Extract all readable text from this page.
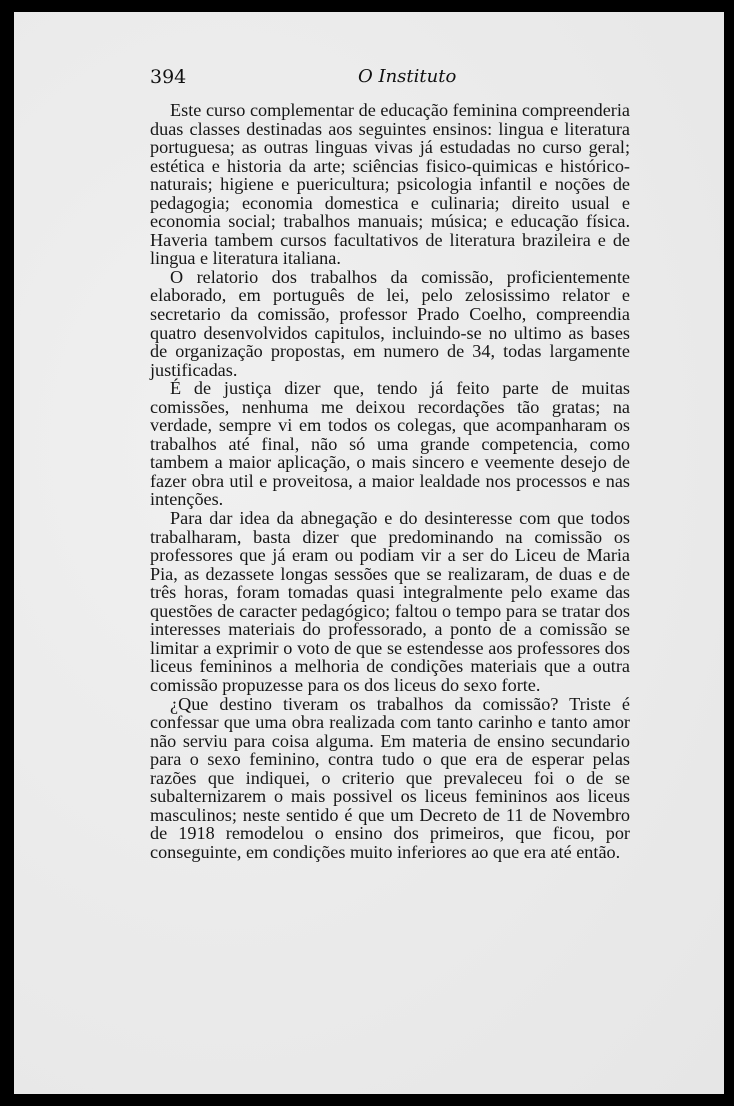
394	O Instituto

Este curso complementar de educação feminina compreenderia duas classes destinadas aos seguintes ensinos: lingua e literatura portuguesa; as outras linguas vivas já estudadas no curso geral; estética e historia da arte; sciências fisico-quimicas e histórico-naturais; higiene e puericultura; psicologia infantil e noções de pedagogia; economia domestica e culinaria; direito usual e economia social; trabalhos manuais; música; e educação física. Haveria tambem cursos facultativos de literatura brazileira e de lingua e literatura italiana.

O relatorio dos trabalhos da comissão, proficientemente elaborado, em português de lei, pelo zelosissimo relator e secretario da comissão, professor Prado Coelho, compreendia quatro desenvolvidos capitulos, incluindo-se no ultimo as bases de organização propostas, em numero de 34, todas largamente justificadas.

É de justiça dizer que, tendo já feito parte de muitas comissões, nenhuma me deixou recordações tão gratas; na verdade, sempre vi em todos os colegas, que acompanharam os trabalhos até final, não só uma grande competencia, como tambem a maior aplicação, o mais sincero e veemente desejo de fazer obra util e proveitosa, a maior lealdade nos processos e nas intenções.

Para dar idea da abnegação e do desinteresse com que todos trabalharam, basta dizer que predominando na comissão os professores que já eram ou podiam vir a ser do Liceu de Maria Pia, as dezassete longas sessões que se realizaram, de duas e de três horas, foram tomadas quasi integralmente pelo exame das questões de caracter pedagógico; faltou o tempo para se tratar dos interesses materiais do professorado, a ponto de a comissão se limitar a exprimir o voto de que se estendesse aos professores dos liceus femininos a melhoria de condições materiais que a outra comissão propuzesse para os dos liceus do sexo forte.

¿Que destino tiveram os trabalhos da comissão? Triste é confessar que uma obra realizada com tanto carinho e tanto amor não serviu para coisa alguma. Em materia de ensino secundario para o sexo feminino, contra tudo o que era de esperar pelas razões que indiquei, o criterio que prevaleceu foi o de se subalternizarem o mais possivel os liceus femininos aos liceus masculinos; neste sentido é que um Decreto de 11 de Novembro de 1918 remodelou o ensino dos primeiros, que ficou, por conseguinte, em condições muito inferiores ao que era até então.
